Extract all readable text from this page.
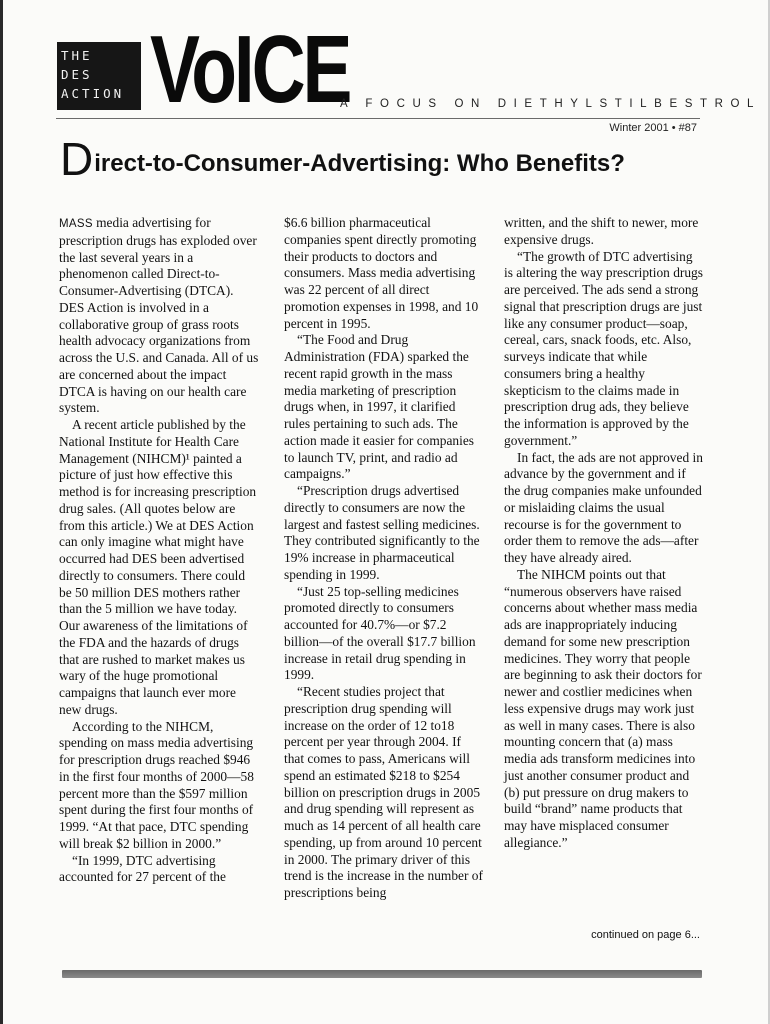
THE
DES
ACTION VoICE
A FOCUS ON DIETHYLSTILBESTROL
Winter 2001 • #87
Direct-to-Consumer-Advertising: Who Benefits?

MASS media advertising for prescription drugs has exploded over the last several years in a phenomenon called Direct-to-Consumer-Advertising (DTCA). DES Action is involved in a collaborative group of grass roots health advocacy organizations from across the U.S. and Canada. All of us are concerned about the impact DTCA is having on our health care system.

A recent article published by the National Institute for Health Care Management (NIHCM)¹ painted a picture of just how effective this method is for increasing prescription drug sales. (All quotes below are from this article.) We at DES Action can only imagine what might have occurred had DES been advertised directly to consumers. There could be 50 million DES mothers rather than the 5 million we have today. Our awareness of the limitations of the FDA and the hazards of drugs that are rushed to market makes us wary of the huge promotional campaigns that launch ever more new drugs.

According to the NIHCM, spending on mass media advertising for prescription drugs reached $946 in the first four months of 2000—58 percent more than the $597 million spent during the first four months of 1999. “At that pace, DTC spending will break $2 billion in 2000.”

“In 1999, DTC advertising accounted for 27 percent of the

$6.6 billion pharmaceutical companies spent directly promoting their products to doctors and consumers. Mass media advertising was 22 percent of all direct promotion expenses in 1998, and 10 percent in 1995.

“The Food and Drug Administration (FDA) sparked the recent rapid growth in the mass media marketing of prescription drugs when, in 1997, it clarified rules pertaining to such ads. The action made it easier for companies to launch TV, print, and radio ad campaigns.”

“Prescription drugs advertised directly to consumers are now the largest and fastest selling medicines. They contributed significantly to the 19% increase in pharmaceutical spending in 1999.

“Just 25 top-selling medicines promoted directly to consumers accounted for 40.7%—or $7.2 billion—of the overall $17.7 billion increase in retail drug spending in 1999.

“Recent studies project that prescription drug spending will increase on the order of 12 to18 percent per year through 2004. If that comes to pass, Americans will spend an estimated $218 to $254 billion on prescription drugs in 2005 and drug spending will represent as much as 14 percent of all health care spending, up from around 10 percent in 2000. The primary driver of this trend is the increase in the number of prescriptions being

written, and the shift to newer, more expensive drugs.

“The growth of DTC advertising is altering the way prescription drugs are perceived. The ads send a strong signal that prescription drugs are just like any consumer product—soap, cereal, cars, snack foods, etc. Also, surveys indicate that while consumers bring a healthy skepticism to the claims made in prescription drug ads, they believe the information is approved by the government.”

In fact, the ads are not approved in advance by the government and if the drug companies make unfounded or mislaiding claims the usual recourse is for the government to order them to remove the ads—after they have already aired.

The NIHCM points out that “numerous observers have raised concerns about whether mass media ads are inappropriately inducing demand for some new prescription medicines. They worry that people are beginning to ask their doctors for newer and costlier medicines when less expensive drugs may work just as well in many cases. There is also mounting concern that (a) mass media ads transform medicines into just another consumer product and (b) put pressure on drug makers to build “brand” name products that may have misplaced consumer allegiance.”

continued on page 6...
